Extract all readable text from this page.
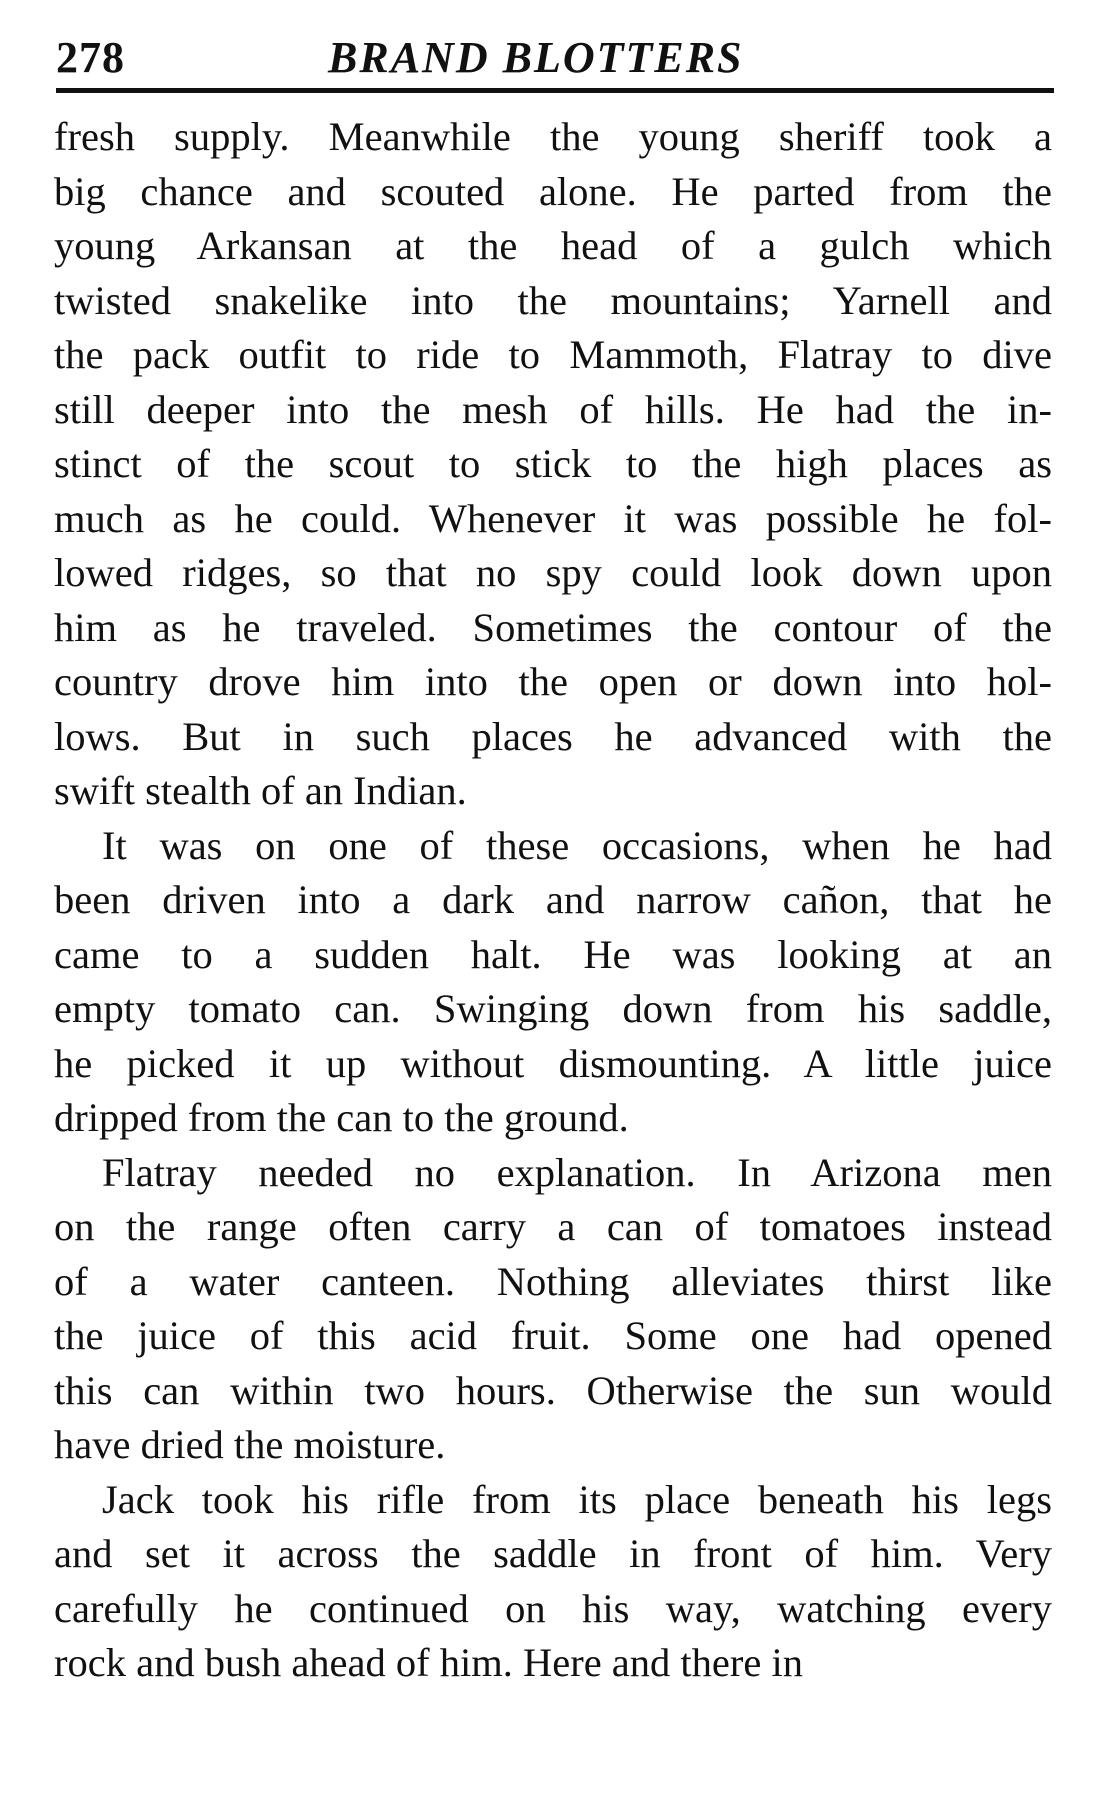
278	BRAND BLOTTERS

fresh supply. Meanwhile the young sheriff took a
big chance and scouted alone. He parted from the
young Arkansan at the head of a gulch which
twisted snakelike into the mountains; Yarnell and
the pack outfit to ride to Mammoth, Flatray to dive
still deeper into the mesh of hills. He had the in-
stinct of the scout to stick to the high places as
much as he could. Whenever it was possible he fol-
lowed ridges, so that no spy could look down upon
him as he traveled. Sometimes the contour of the
country drove him into the open or down into hol-
lows. But in such places he advanced with the
swift stealth of an Indian.

It was on one of these occasions, when he had
been driven into a dark and narrow cañon, that he
came to a sudden halt. He was looking at an
empty tomato can. Swinging down from his saddle,
he picked it up without dismounting. A little juice
dripped from the can to the ground.

Flatray needed no explanation. In Arizona men
on the range often carry a can of tomatoes instead
of a water canteen. Nothing alleviates thirst like
the juice of this acid fruit. Some one had opened
this can within two hours. Otherwise the sun would
have dried the moisture.

Jack took his rifle from its place beneath his legs
and set it across the saddle in front of him. Very
carefully he continued on his way, watching every
rock and bush ahead of him. Here and there in
